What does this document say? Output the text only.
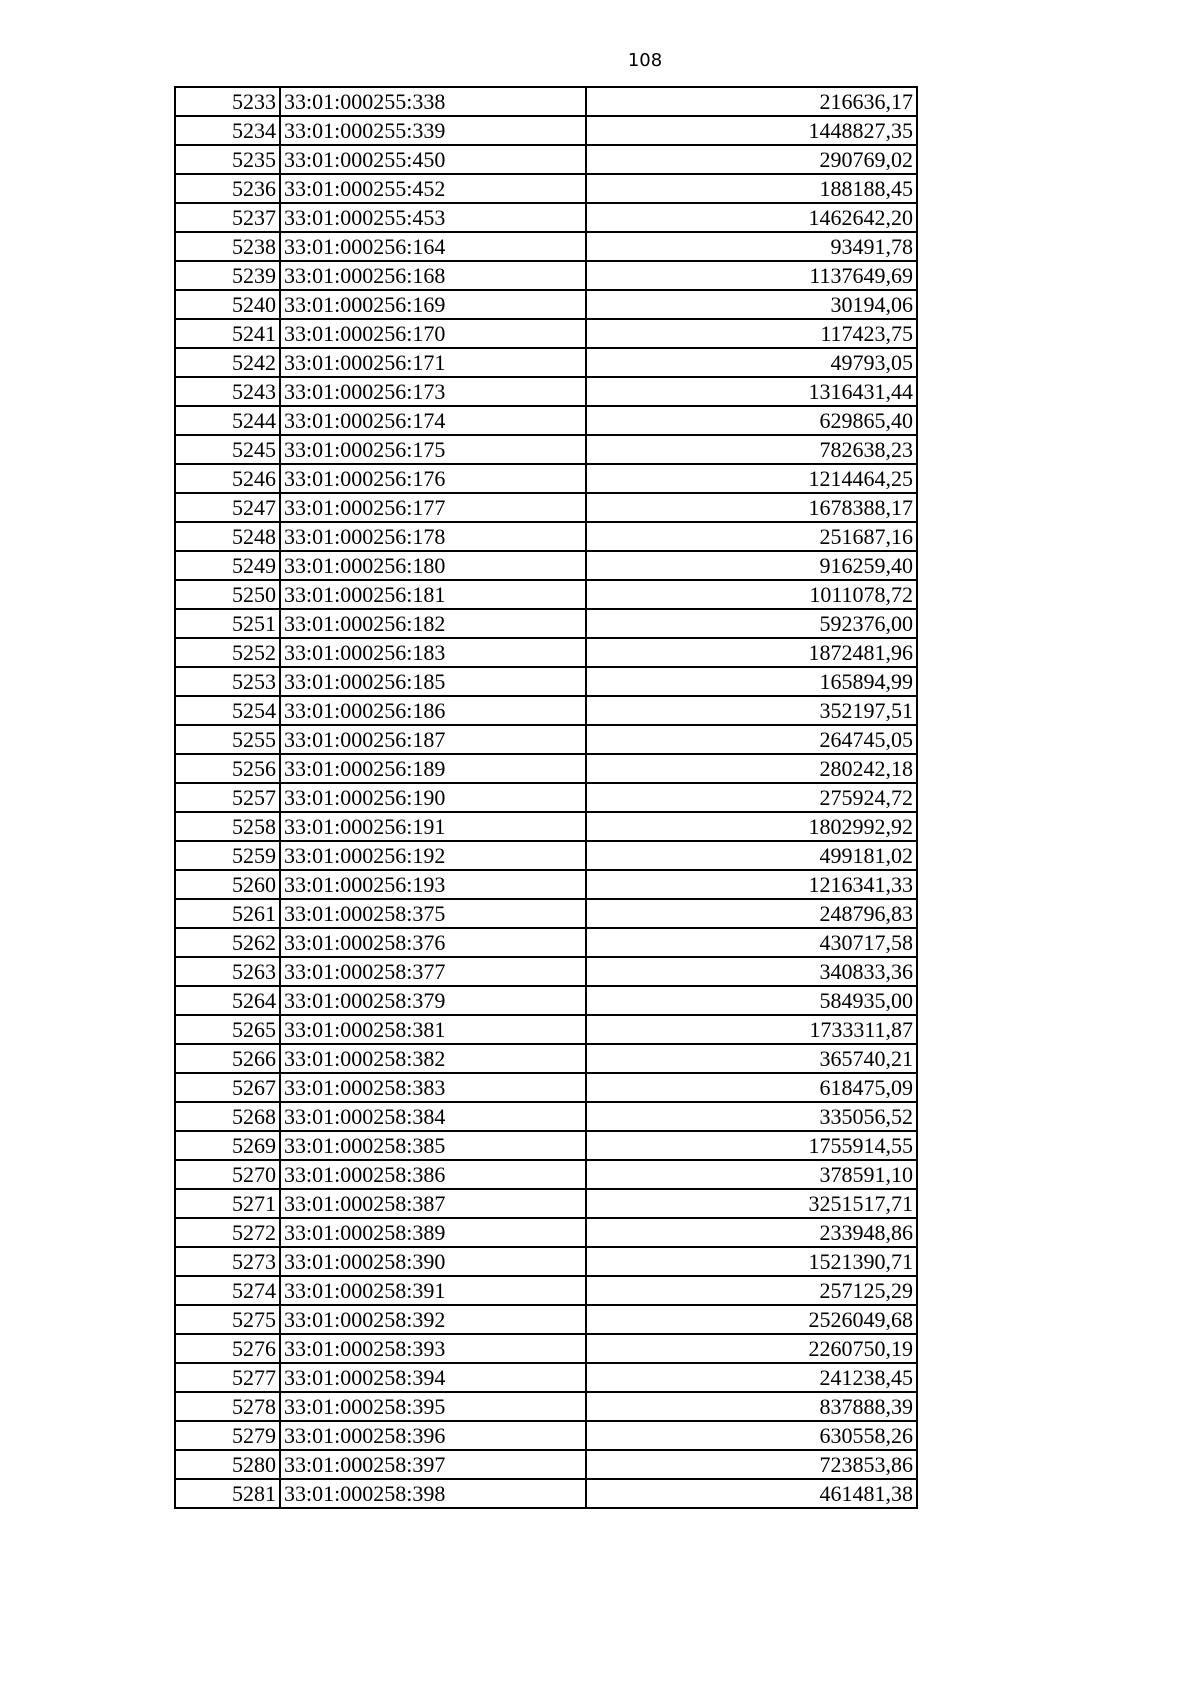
108
5233	33:01:000255:338	216636,17
5234	33:01:000255:339	1448827,35
5235	33:01:000255:450	290769,02
5236	33:01:000255:452	188188,45
5237	33:01:000255:453	1462642,20
5238	33:01:000256:164	93491,78
5239	33:01:000256:168	1137649,69
5240	33:01:000256:169	30194,06
5241	33:01:000256:170	117423,75
5242	33:01:000256:171	49793,05
5243	33:01:000256:173	1316431,44
5244	33:01:000256:174	629865,40
5245	33:01:000256:175	782638,23
5246	33:01:000256:176	1214464,25
5247	33:01:000256:177	1678388,17
5248	33:01:000256:178	251687,16
5249	33:01:000256:180	916259,40
5250	33:01:000256:181	1011078,72
5251	33:01:000256:182	592376,00
5252	33:01:000256:183	1872481,96
5253	33:01:000256:185	165894,99
5254	33:01:000256:186	352197,51
5255	33:01:000256:187	264745,05
5256	33:01:000256:189	280242,18
5257	33:01:000256:190	275924,72
5258	33:01:000256:191	1802992,92
5259	33:01:000256:192	499181,02
5260	33:01:000256:193	1216341,33
5261	33:01:000258:375	248796,83
5262	33:01:000258:376	430717,58
5263	33:01:000258:377	340833,36
5264	33:01:000258:379	584935,00
5265	33:01:000258:381	1733311,87
5266	33:01:000258:382	365740,21
5267	33:01:000258:383	618475,09
5268	33:01:000258:384	335056,52
5269	33:01:000258:385	1755914,55
5270	33:01:000258:386	378591,10
5271	33:01:000258:387	3251517,71
5272	33:01:000258:389	233948,86
5273	33:01:000258:390	1521390,71
5274	33:01:000258:391	257125,29
5275	33:01:000258:392	2526049,68
5276	33:01:000258:393	2260750,19
5277	33:01:000258:394	241238,45
5278	33:01:000258:395	837888,39
5279	33:01:000258:396	630558,26
5280	33:01:000258:397	723853,86
5281	33:01:000258:398	461481,38
